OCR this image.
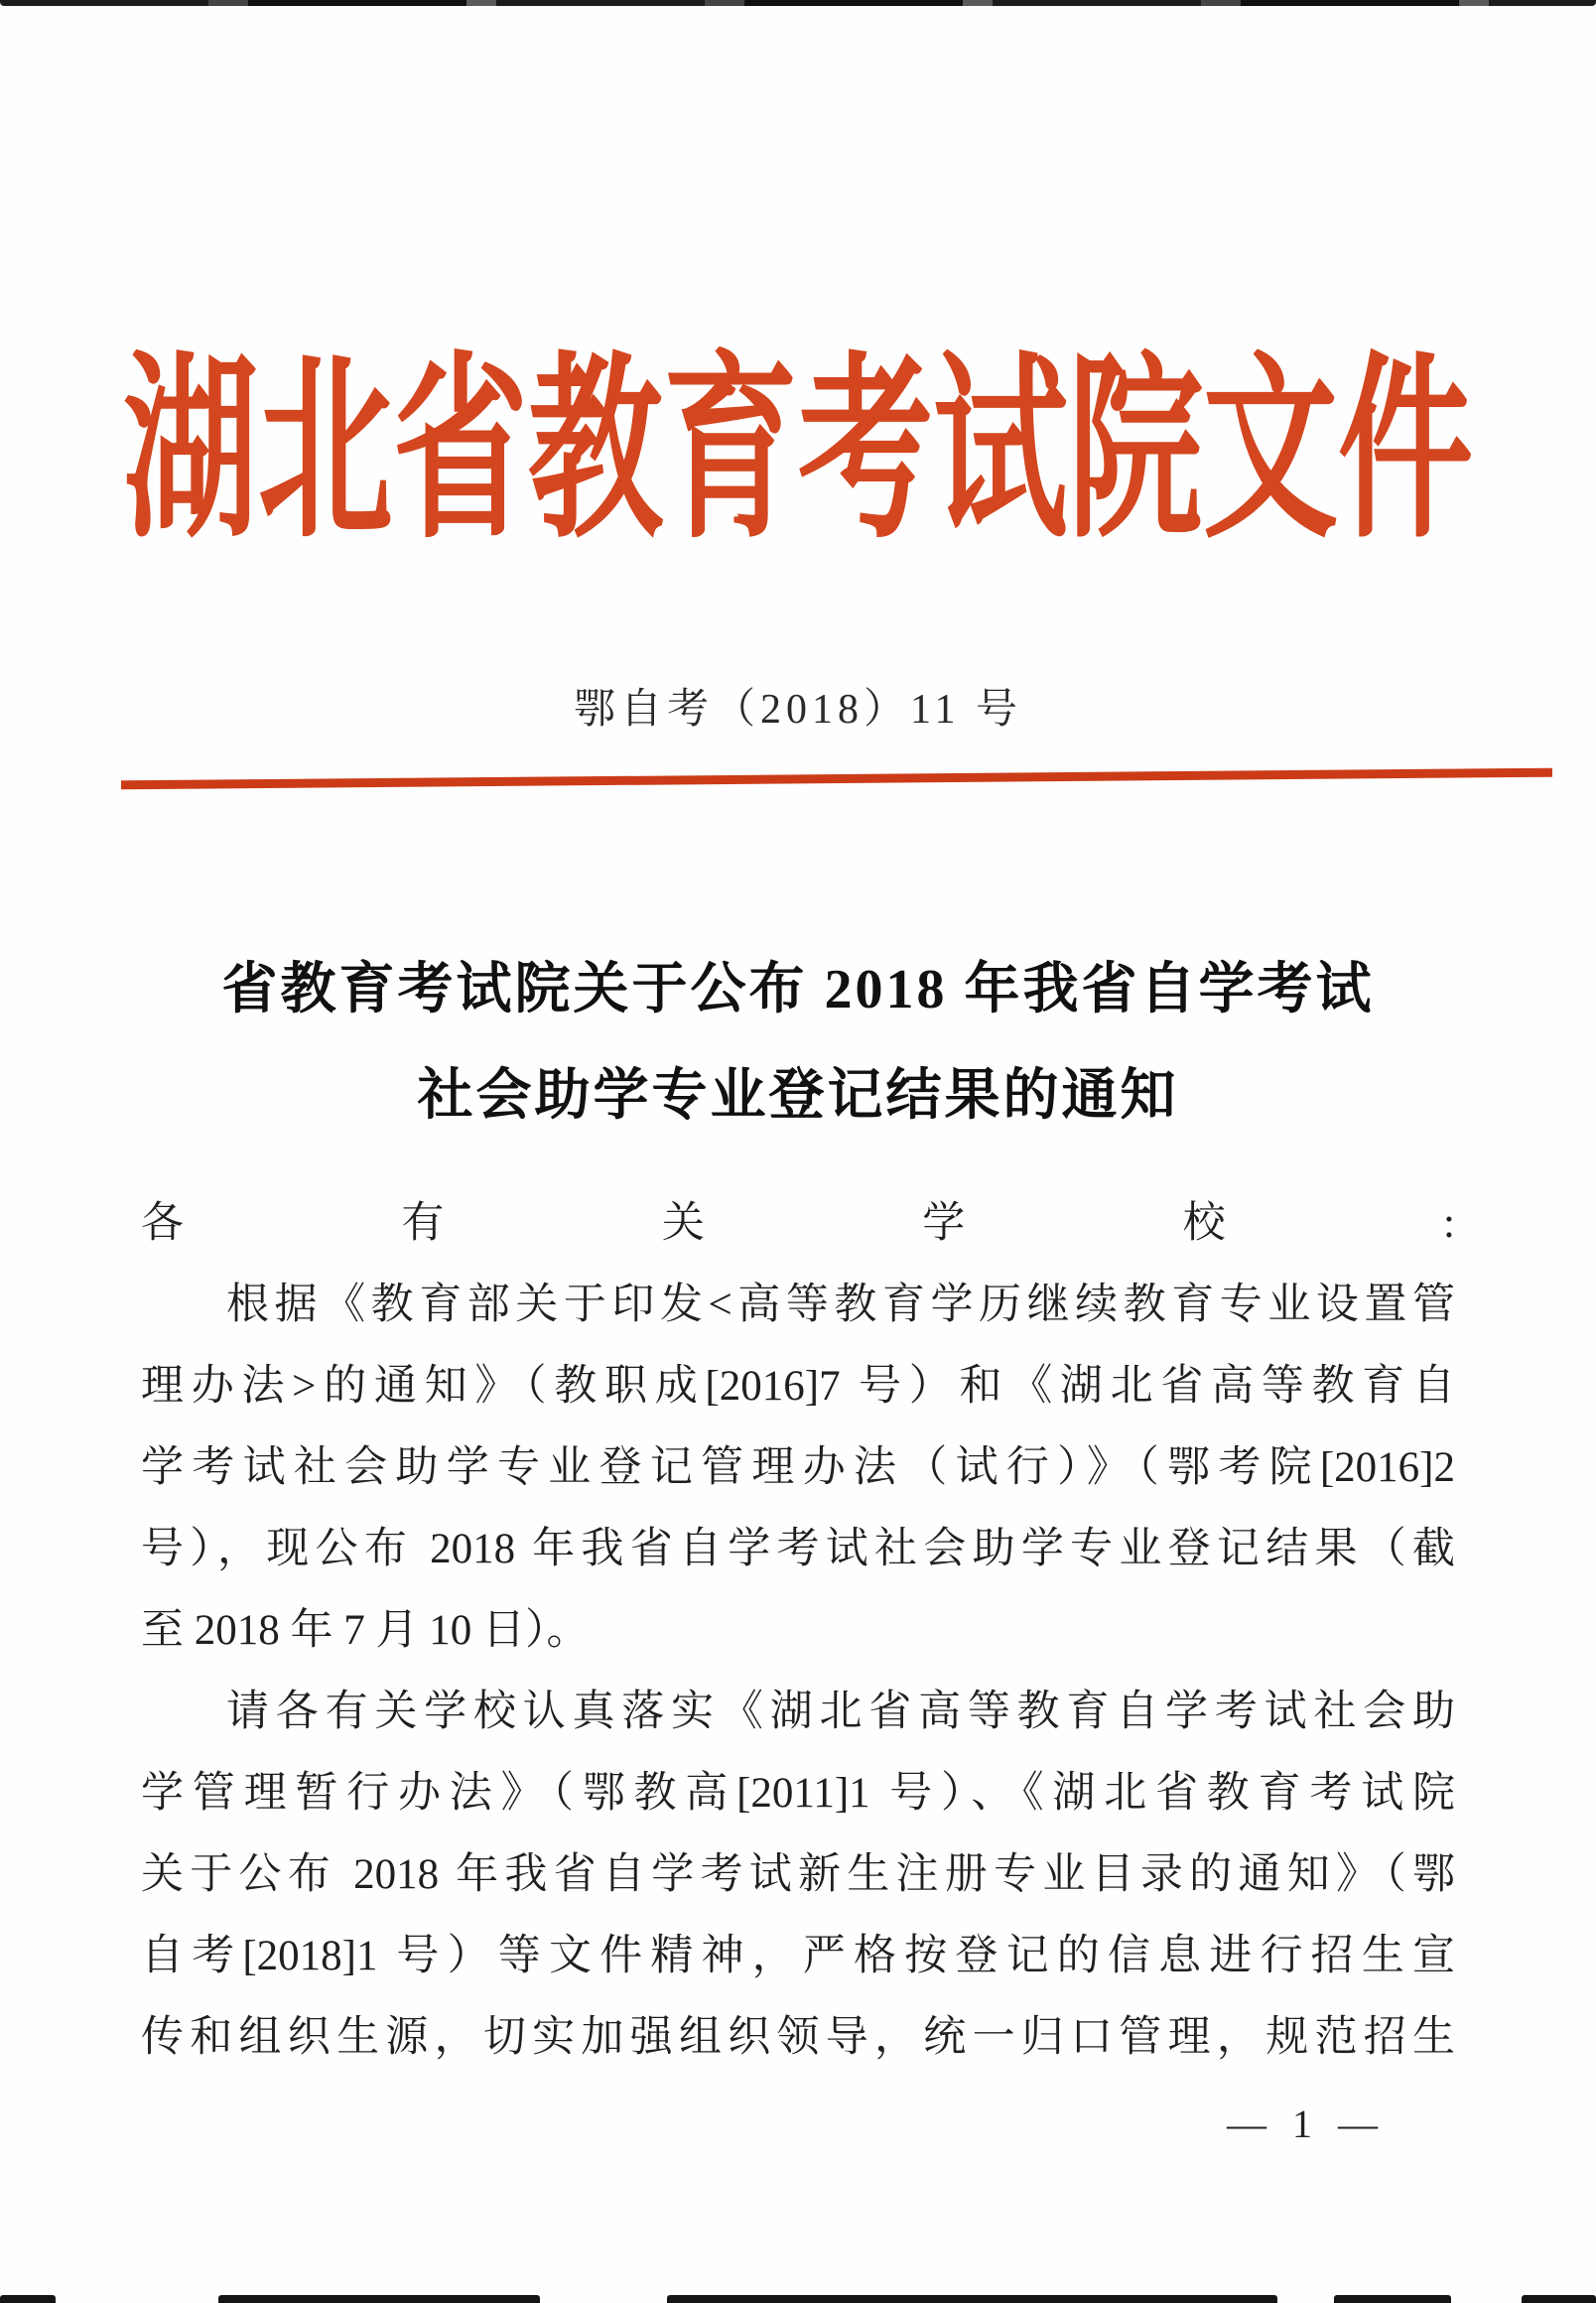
湖北省教育考试院文件
鄂自考（2018）11 号
省教育考试院关于公布 2018 年我省自学考试
社会助学专业登记结果的通知
各有关学校:
根据《教育部关于印发<高等教育学历继续教育专业设置管
理办法>的通知》（教职成[2016]7 号）和《湖北省高等教育自
学考试社会助学专业登记管理办法（试行）》（鄂考院[2016]2
号），现公布 2018 年我省自学考试社会助学专业登记结果（截
至 2018 年 7 月 10 日）。
请各有关学校认真落实《湖北省高等教育自学考试社会助
学管理暂行办法》（鄂教高[2011]1 号）、《湖北省教育考试院
关于公布 2018 年我省自学考试新生注册专业目录的通知》（鄂
自考[2018]1 号）等文件精神，严格按登记的信息进行招生宣
传和组织生源，切实加强组织领导，统一归口管理，规范招生
— 1 —
